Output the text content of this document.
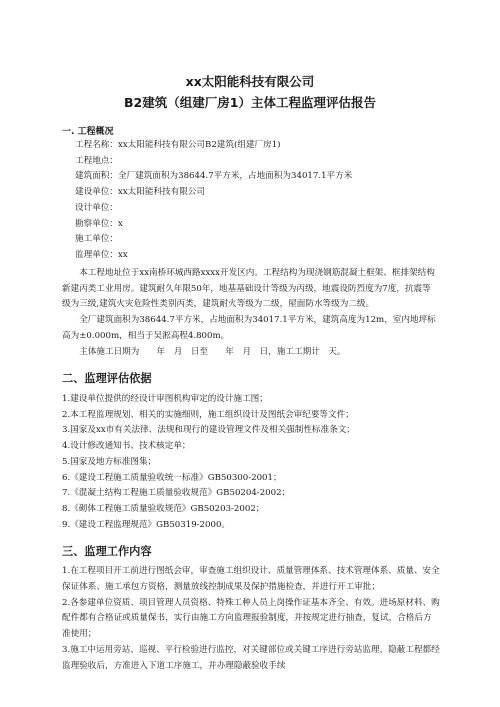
xx太阳能科技有限公司
B2建筑（组建厂房1）主体工程监理评估报告
一. 工程概况
工程名称：xx太阳能科技有限公司B2建筑(组建厂房1)
工程地点：
建筑面积：全厂建筑面积为38644.7平方米，占地面积为34017.1平方米
建设单位：xx太阳能科技有限公司
设计单位：
勘察单位：x
施工单位：
监理单位：xx

本工程地址位于xx南桥环城西路xxxx开发区内。工程结构为现浇钢筋混凝土框架、框排架结构新建丙类工业用房。建筑耐久年限50年，地基基础设计等级为丙级，地震设防烈度为7度，抗震等级为三级,建筑火灾危险性类别丙类，建筑耐火等级为二级，屋面防水等级为二级。

全厂建筑面积为38644.7平方米，占地面积为34017.1平方米，建筑高度为12m，室内地坪标高为±0.000m，相当于吴淞高程4.800m。

主体施工日期为　　年　月　日至　　年　月　日，施工工期计　天。

二、监理评估依据
1.建设单位提供的经设计审图机构审定的设计施工图；
2.本工程监理规划、相关的实施细则，施工组织设计及图纸会审纪要等文件；
3.国家及xx市有关法律、法规和现行的建设管理文件及相关强制性标准条文；
4.设计修改通知书、技术核定单；
5.国家及地方标准图集；
6.《建设工程施工质量验收统一标准》GB50300-2001；
7.《混凝土结构工程施工质量验收规范》GB50204-2002；
8.《砌体工程施工质量验收规范》GB50203-2002；
9.《建设工程监理规范》GB50319-2000。
三、监理工作内容

1.在工程项目开工前进行图纸会审，审查施工组织设计、质量管理体系、技术管理体系、质量、安全保证体系、施工承包方资格，测量放线控制成果及保护措施检查，并进行开工审批；

2.各参建单位资质、项目管理人员资格、特殊工种人员上岗操作证基本齐全、有效。进场原材料、购配件都有合格证或质量保书，实行由施工方向监理报验制度，并按规定进行抽查，复试，合格后方准使用；

3.施工中运用旁站、巡视、平行检验进行监控，对关键部位或关键工序进行旁站监理，隐蔽工程都经监理验收后，方准进入下道工序施工，并办理隐蔽验收手续
